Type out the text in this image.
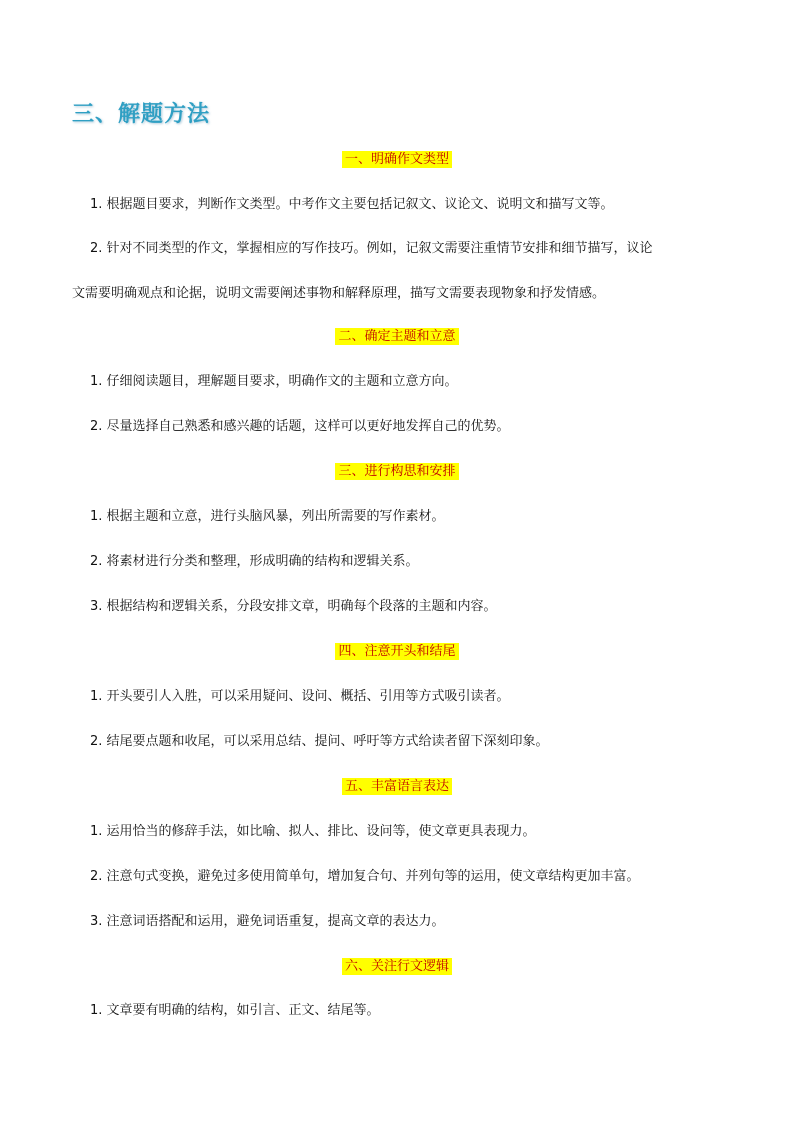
三、解题方法
一、明确作文类型
1. 根据题目要求，判断作文类型。中考作文主要包括记叙文、议论文、说明文和描写文等。
2. 针对不同类型的作文，掌握相应的写作技巧。例如，记叙文需要注重情节安排和细节描写，议论
文需要明确观点和论据，说明文需要阐述事物和解释原理，描写文需要表现物象和抒发情感。
二、确定主题和立意
1. 仔细阅读题目，理解题目要求，明确作文的主题和立意方向。
2. 尽量选择自己熟悉和感兴趣的话题，这样可以更好地发挥自己的优势。
三、进行构思和安排
1. 根据主题和立意，进行头脑风暴，列出所需要的写作素材。
2. 将素材进行分类和整理，形成明确的结构和逻辑关系。
3. 根据结构和逻辑关系，分段安排文章，明确每个段落的主题和内容。
四、注意开头和结尾
1. 开头要引人入胜，可以采用疑问、设问、概括、引用等方式吸引读者。
2. 结尾要点题和收尾，可以采用总结、提问、呼吁等方式给读者留下深刻印象。
五、丰富语言表达
1. 运用恰当的修辞手法，如比喻、拟人、排比、设问等，使文章更具表现力。
2. 注意句式变换，避免过多使用简单句，增加复合句、并列句等的运用，使文章结构更加丰富。
3. 注意词语搭配和运用，避免词语重复，提高文章的表达力。
六、关注行文逻辑
1. 文章要有明确的结构，如引言、正文、结尾等。
